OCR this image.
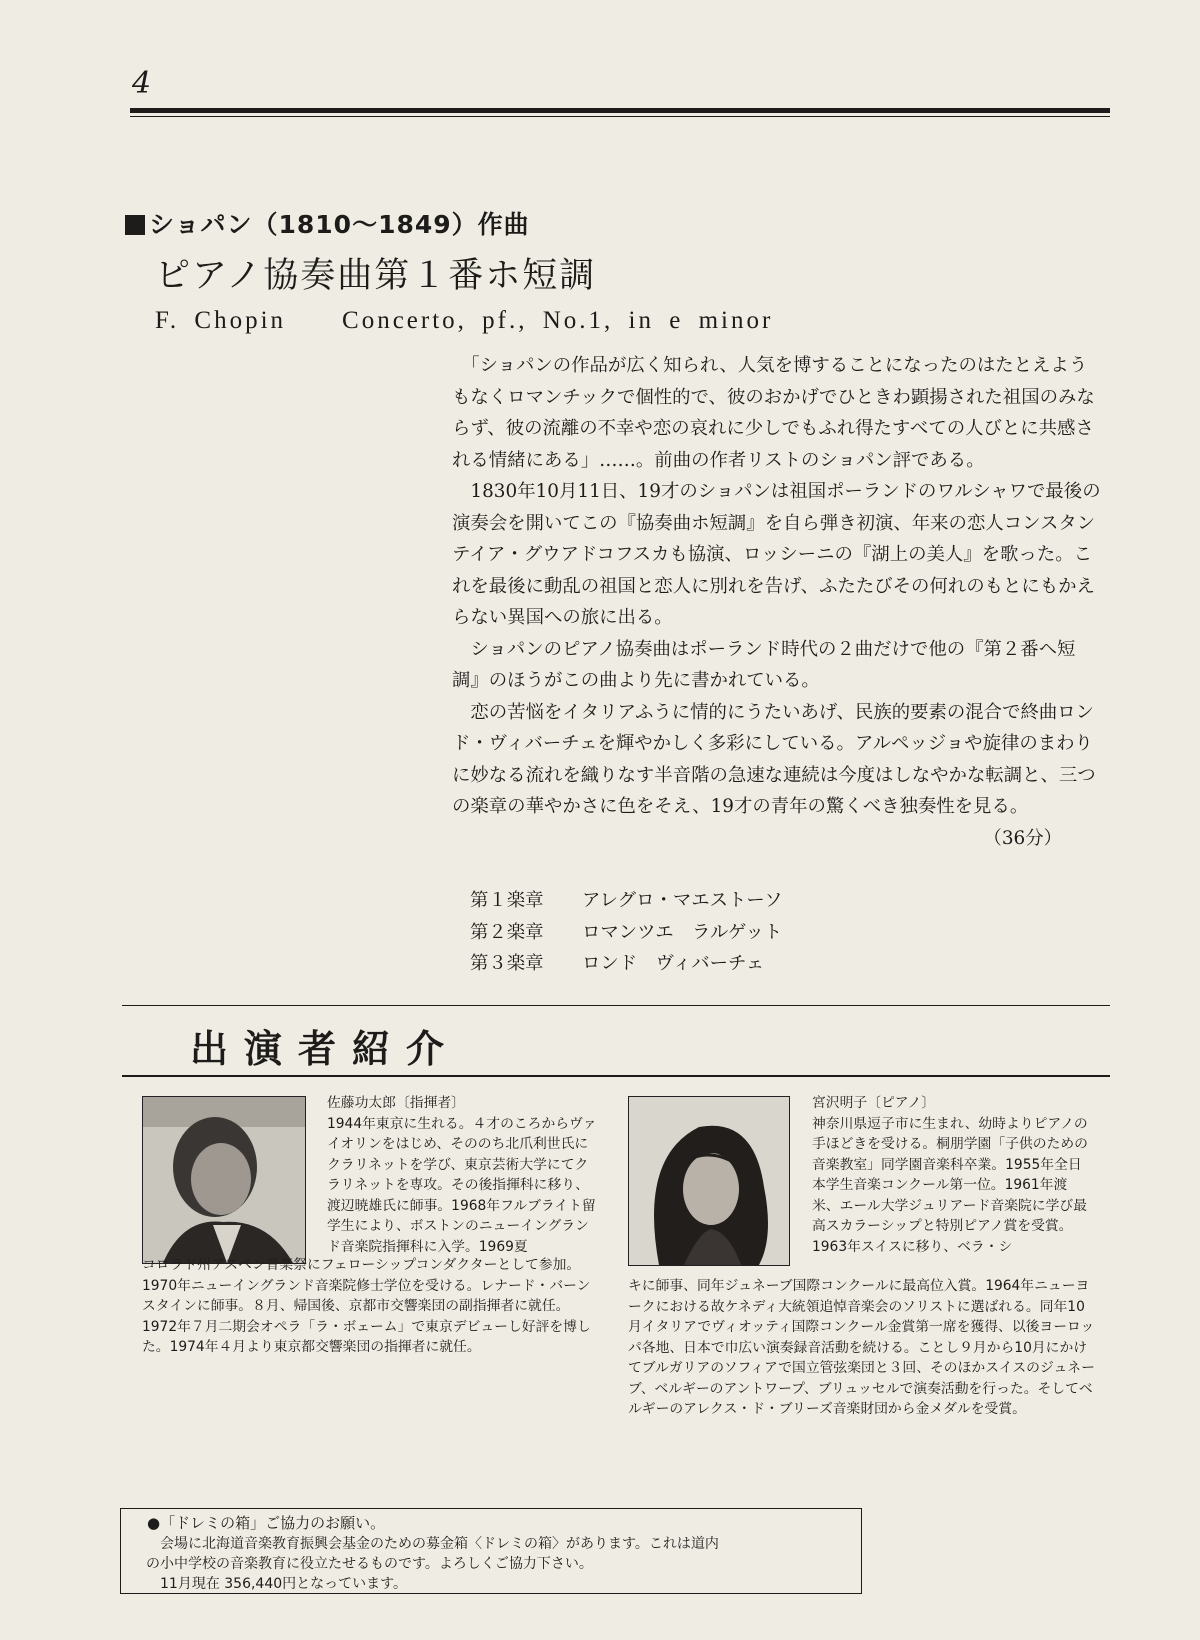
4
ショパン（1810〜1849）作曲
ピアノ協奏曲第１番ホ短調
F. Chopin　　Concerto, pf., No.1, in e minor

「ショパンの作品が広く知られ、人気を博することになったのはたとえようもなくロマンチックで個性的で、彼のおかげでひときわ顕揚された祖国のみならず、彼の流離の不幸や恋の哀れに少しでもふれ得たすべての人びとに共感される情緒にある」……。前曲の作者リストのショパン評である。

1830年10月11日、19才のショパンは祖国ポーランドのワルシャワで最後の演奏会を開いてこの『協奏曲ホ短調』を自ら弾き初演、年来の恋人コンスタンテイア・グウアドコフスカも協演、ロッシーニの『湖上の美人』を歌った。これを最後に動乱の祖国と恋人に別れを告げ、ふたたびその何れのもとにもかえらない異国への旅に出る。

ショパンのピアノ協奏曲はポーランド時代の２曲だけで他の『第２番ヘ短調』のほうがこの曲より先に書かれている。

恋の苦悩をイタリアふうに情的にうたいあげ、民族的要素の混合で終曲ロンド・ヴィバーチェを輝やかしく多彩にしている。アルペッジョや旋律のまわりに妙なる流れを織りなす半音階の急速な連続は今度はしなやかな転調と、三つの楽章の華やかさに色をそえ、19才の青年の驚くべき独奏性を見る。

（36分）
第１楽章	アレグロ・マエストーソ
第２楽章	ロマンツエ　ラルゲット
第３楽章	ロンド　ヴィバーチェ
出演者紹介
佐藤功太郎〔指揮者〕
1944年東京に生れる。４才のころからヴァイオリンをはじめ、そののち北爪利世氏にクラリネットを学び、東京芸術大学にてクラリネットを専攻。その後指揮科に移り、渡辺暁雄氏に師事。1968年フルブライト留学生により、ボストンのニューイングランド音楽院指揮科に入学。1969夏
コロラド州アスペン音楽祭にフェローシップコンダクターとして参加。1970年ニューイングランド音楽院修士学位を受ける。レナード・バーンスタインに師事。８月、帰国後、京都市交響楽団の副指揮者に就任。1972年７月二期会オペラ「ラ・ボェーム」で東京デビューし好評を博した。1974年４月より東京都交響楽団の指揮者に就任。
宮沢明子〔ピアノ〕
神奈川県逗子市に生まれ、幼時よりピアノの手ほどきを受ける。桐朋学園「子供のための音楽教室」同学園音楽科卒業。1955年全日本学生音楽コンクール第一位。1961年渡米、エール大学ジュリアード音楽院に学び最高スカラーシップと特別ピアノ賞を受賞。1963年スイスに移り、ベラ・シ
キに師事、同年ジュネーブ国際コンクールに最高位入賞。1964年ニューヨークにおける故ケネディ大統領追悼音楽会のソリストに選ばれる。同年10月イタリアでヴィオッティ国際コンクール金賞第一席を獲得、以後ヨーロッパ各地、日本で巾広い演奏録音活動を続ける。ことし９月から10月にかけてブルガリアのソフィアで国立管弦楽団と３回、そのほかスイスのジュネーブ、ベルギーのアントワープ、ブリュッセルで演奏活動を行った。そしてベルギーのアレクス・ド・ブリーズ音楽財団から金メダルを受賞。
●「ドレミの箱」ご協力のお願い。
会場に北海道音楽教育振興会基金のための募金箱〈ドレミの箱〉があります。これは道内
の小中学校の音楽教育に役立たせるものです。よろしくご協力下さい。
11月現在 356,440円となっています。
